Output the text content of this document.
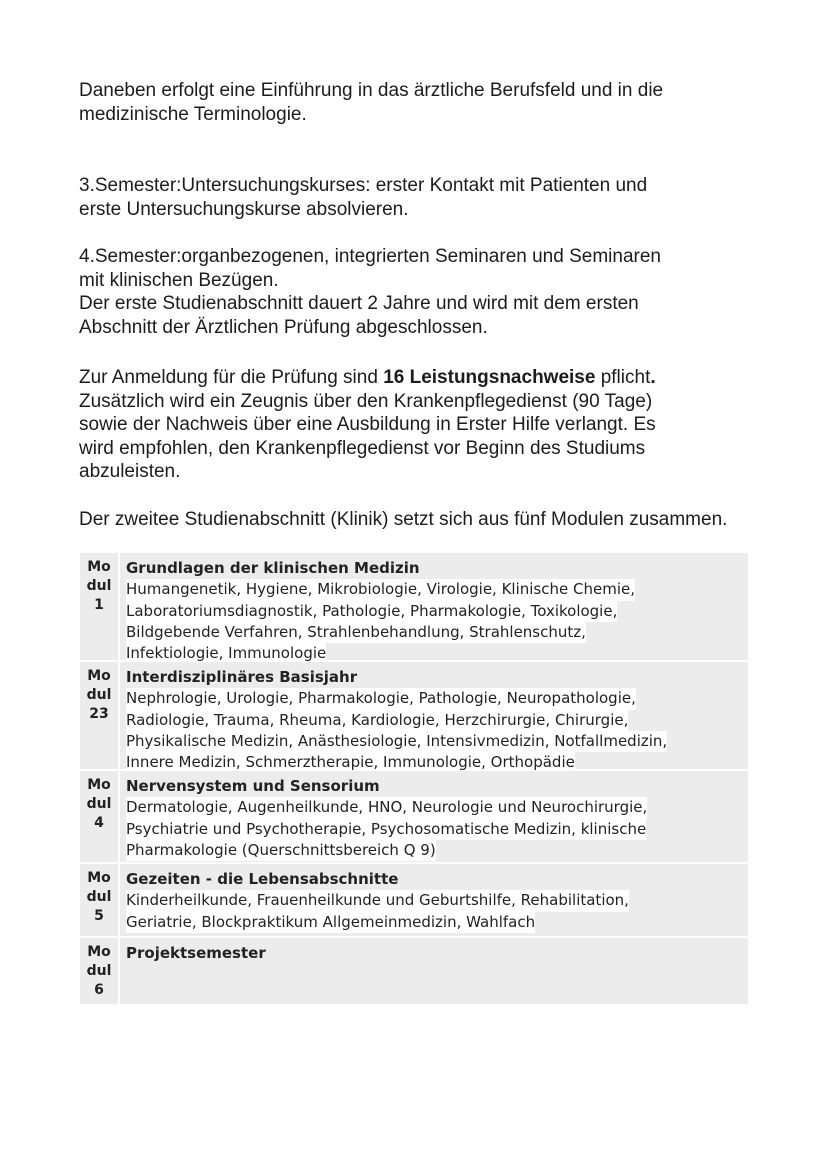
Daneben erfolgt eine Einführung in das ärztliche Berufsfeld und in die
medizinische Terminologie.

3.Semester:Untersuchungskurses: erster Kontakt mit Patienten und
erste Untersuchungskurse absolvieren.

4.Semester:organbezogenen, integrierten Seminaren und Seminaren
mit klinischen Bezügen.
Der erste Studienabschnitt dauert 2 Jahre und wird mit dem ersten
Abschnitt der Ärztlichen Prüfung abgeschlossen.

Zur Anmeldung für die Prüfung sind 16 Leistungsnachweise pflicht.
Zusätzlich wird ein Zeugnis über den Krankenpflegedienst (90 Tage)
sowie der Nachweis über eine Ausbildung in Erster Hilfe verlangt. Es
wird empfohlen, den Krankenpflegedienst vor Beginn des Studiums
abzuleisten.

Der zweitee Studienabschnitt (Klinik) setzt sich aus fünf Modulen zusammen.

Mo
dul
1
Grundlagen der klinischen Medizin
Humangenetik, Hygiene, Mikrobiologie, Virologie, Klinische Chemie,
Laboratoriumsdiagnostik, Pathologie, Pharmakologie, Toxikologie,
Bildgebende Verfahren, Strahlenbehandlung, Strahlenschutz,
Infektiologie, Immunologie
Mo
dul
23
Interdisziplinäres Basisjahr
Nephrologie, Urologie, Pharmakologie, Pathologie, Neuropathologie,
Radiologie, Trauma, Rheuma, Kardiologie, Herzchirurgie, Chirurgie,
Physikalische Medizin, Anästhesiologie, Intensivmedizin, Notfallmedizin,
Innere Medizin, Schmerztherapie, Immunologie, Orthopädie
Mo
dul
4
Nervensystem und Sensorium
Dermatologie, Augenheilkunde, HNO, Neurologie und Neurochirurgie,
Psychiatrie und Psychotherapie, Psychosomatische Medizin, klinische
Pharmakologie (Querschnittsbereich Q 9)
Mo
dul
5
Gezeiten - die Lebensabschnitte
Kinderheilkunde, Frauenheilkunde und Geburtshilfe, Rehabilitation,
Geriatrie, Blockpraktikum Allgemeinmedizin, Wahlfach
Mo
dul
6
Projektsemester
